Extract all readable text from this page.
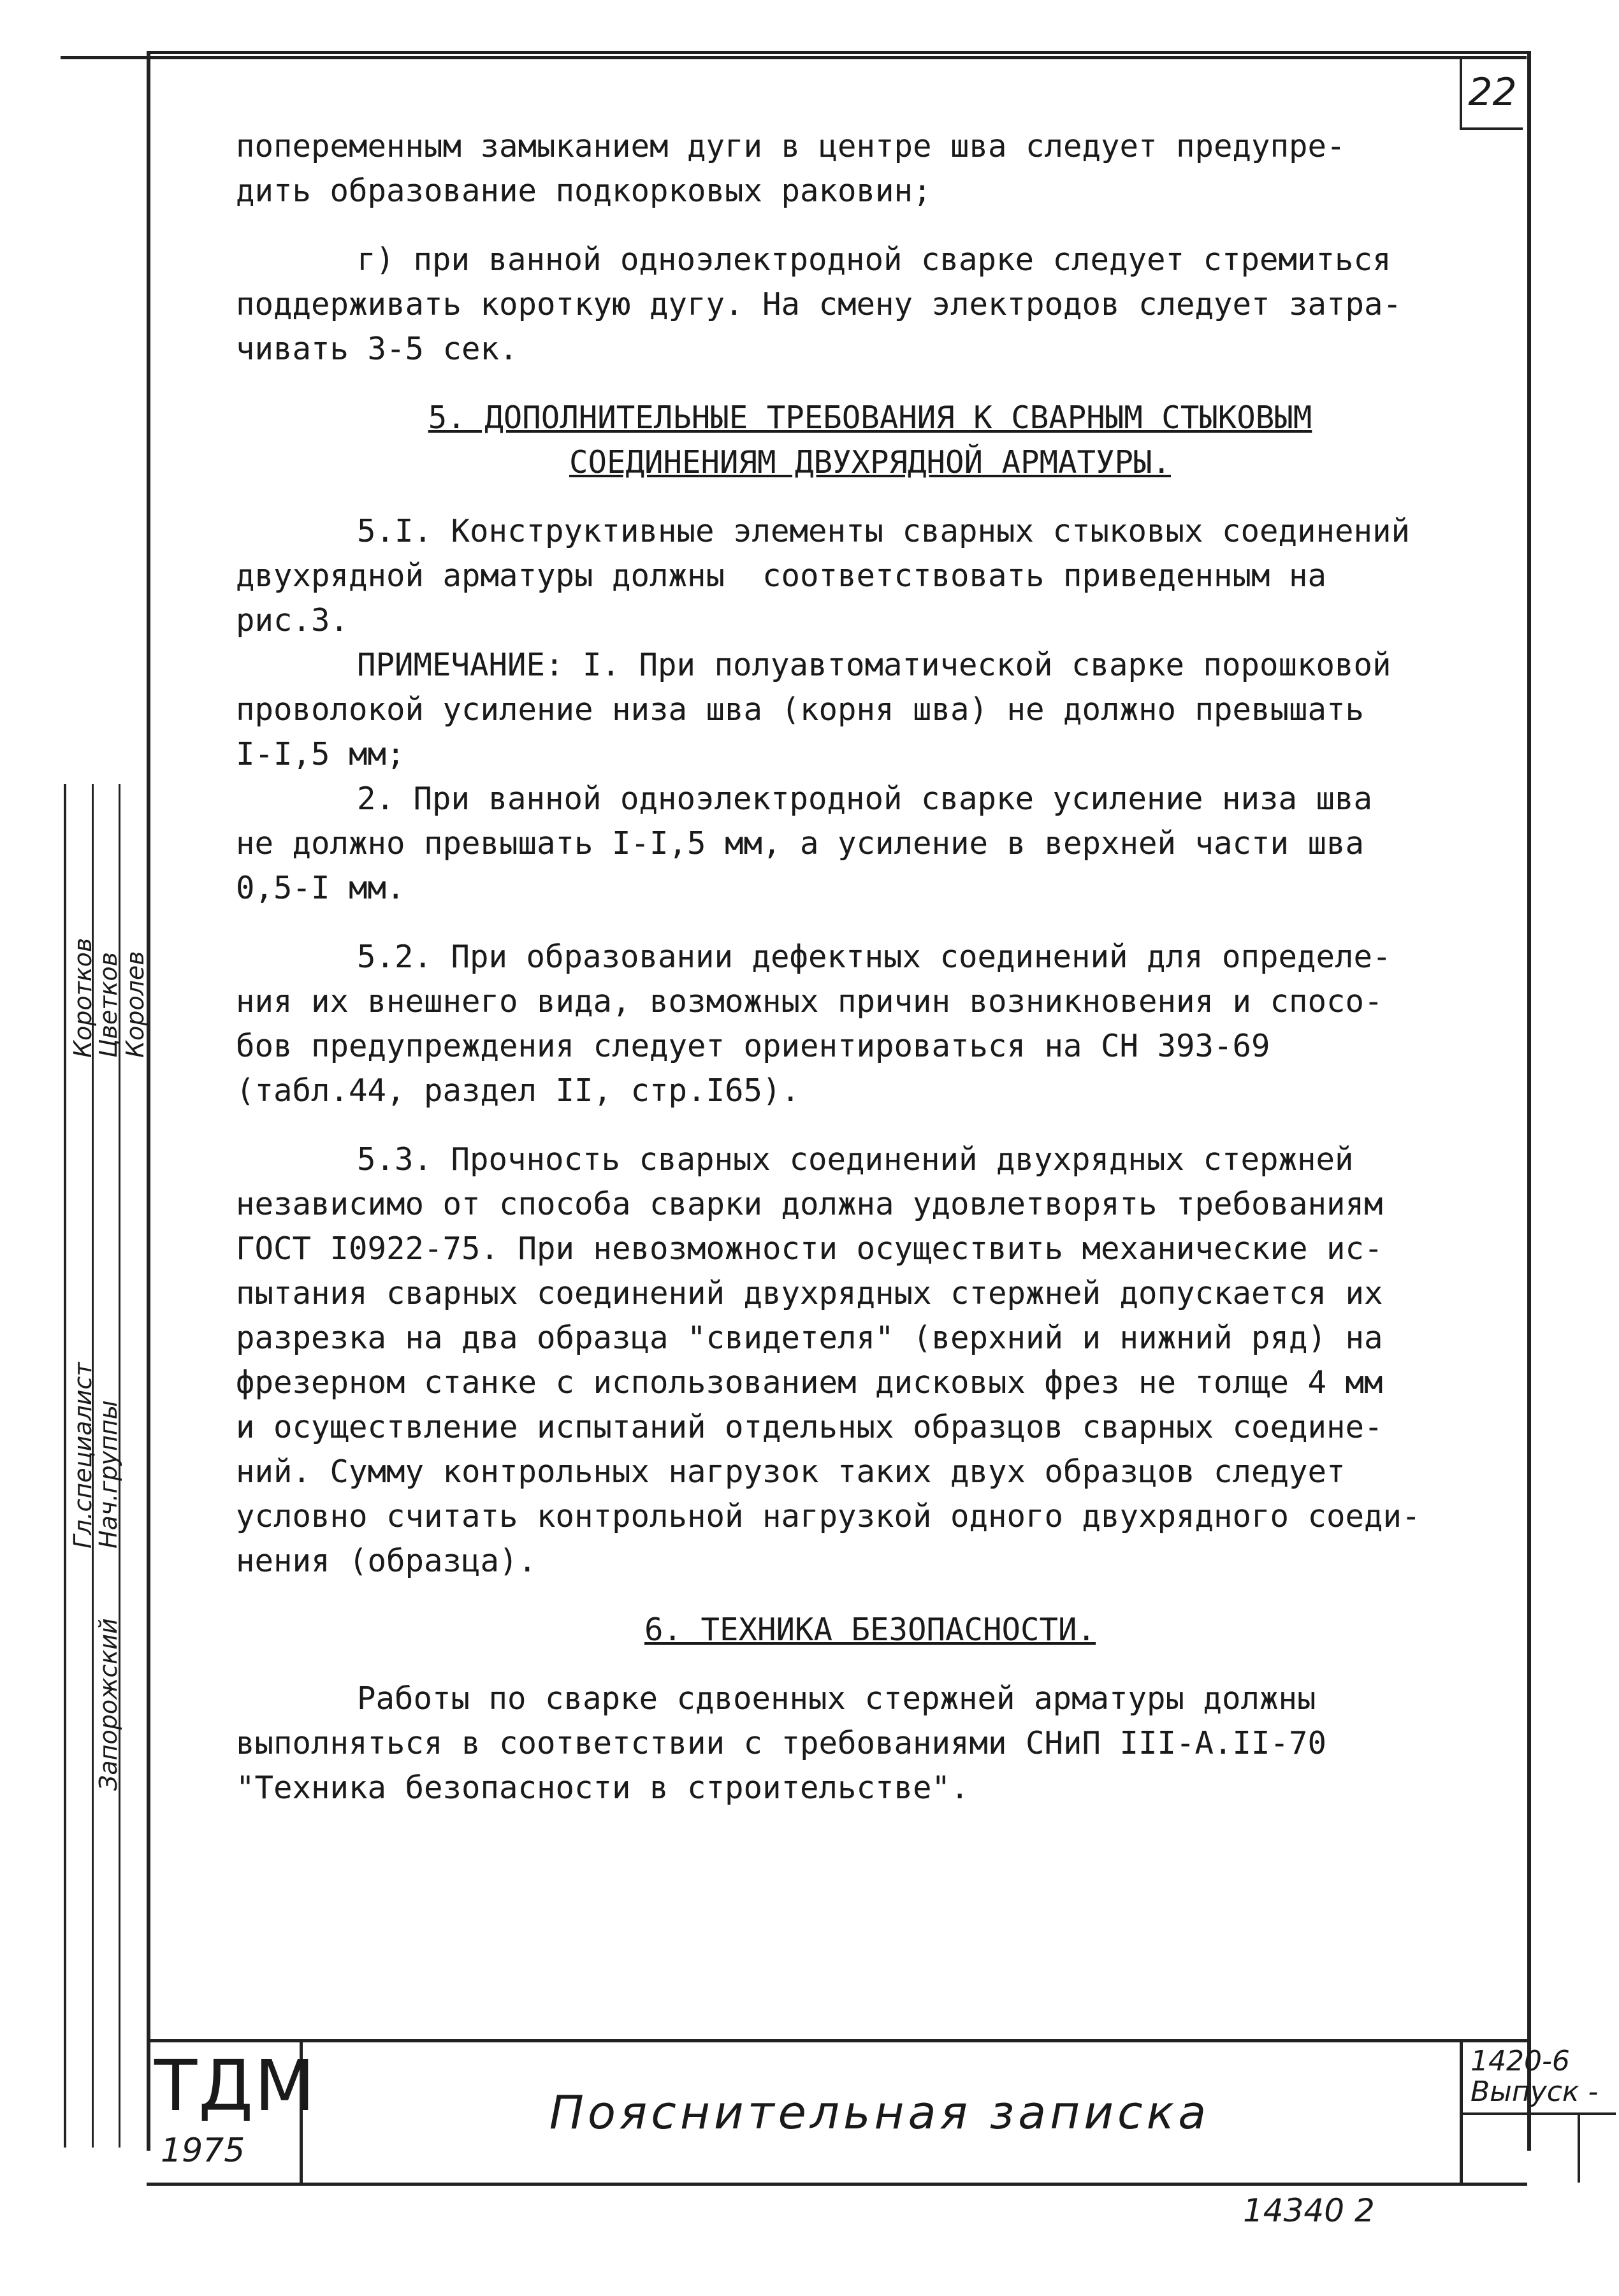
22
попеременным замыканием дуги в центре шва следует предупре-
дить образование подкорковых раковин;
г) при ванной одноэлектродной сварке следует стремиться
поддерживать короткую дугу. На смену электродов следует затра-
чивать 3-5 сек.
5. ДОПОЛНИТЕЛЬНЫЕ ТРЕБОВАНИЯ К СВАРНЫМ СТЫКОВЫМ
СОЕДИНЕНИЯМ ДВУХРЯДНОЙ АРМАТУРЫ.
5.I. Конструктивные элементы сварных стыковых соединений
двухрядной арматуры должны  соответствовать приведенным на
рис.3.
ПРИМЕЧАНИЕ: I. При полуавтоматической сварке порошковой
проволокой усиление низа шва (корня шва) не должно превышать
I-I,5 мм;
2. При ванной одноэлектродной сварке усиление низа шва
не должно превышать I-I,5 мм, а усиление в верхней части шва
0,5-I мм.
5.2. При образовании дефектных соединений для определе-
ния их внешнего вида, возможных причин возникновения и спосо-
бов предупреждения следует ориентироваться на СН 393-69
(табл.44, раздел II, стр.I65).
5.3. Прочность сварных соединений двухрядных стержней
независимо от способа сварки должна удовлетворять требованиям
ГОСТ I0922-75. При невозможности осуществить механические ис-
пытания сварных соединений двухрядных стержней допускается их
разрезка на два образца "свидетеля" (верхний и нижний ряд) на
фрезерном станке с использованием дисковых фрез не толще 4 мм
и осуществление испытаний отдельных образцов сварных соедине-
ний. Сумму контрольных нагрузок таких двух образцов следует
условно считать контрольной нагрузкой одного двухрядного соеди-
нения (образца).
6. ТЕХНИКА БЕЗОПАСНОСТИ.
Работы по сварке сдвоенных стержней арматуры должны
выполняться в соответствии с требованиями СНиП III-А.II-70
"Техника безопасности в строительстве".
Коротков
Цветков
Королев
Гл.специалист
Нач.группы
Запорожский
ТДМ
1975
Пояснительная записка
1420-6
Выпуск -
14340 2
